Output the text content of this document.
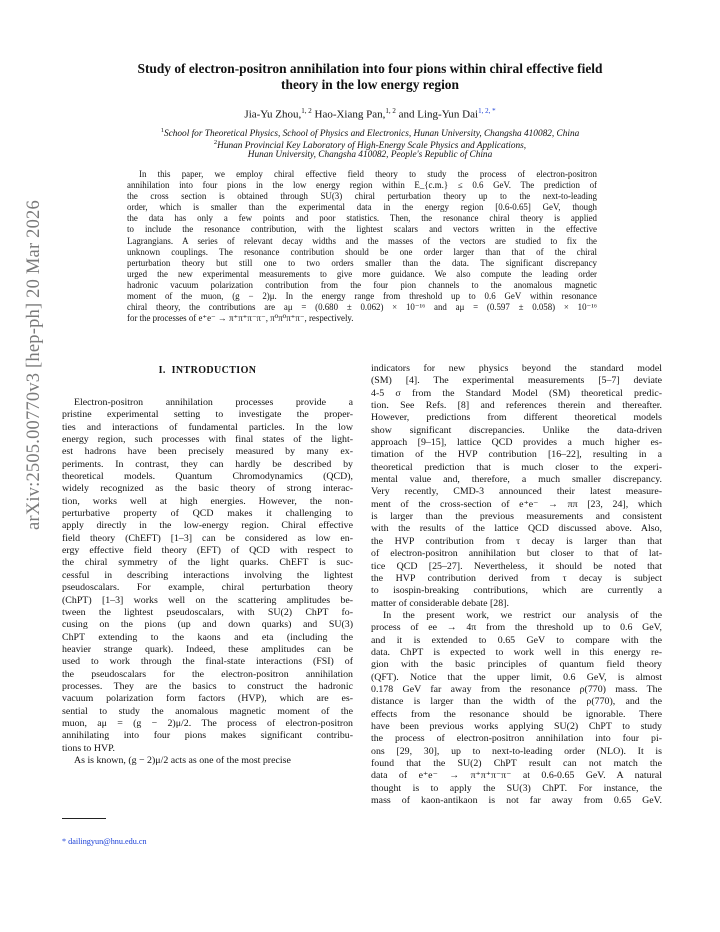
arXiv:2505.00770v3 [hep-ph] 20 Mar 2026
Study of electron-positron annihilation into four pions within chiral effective field
theory in the low energy region
Jia-Yu Zhou,$^{1, 2}$ Hao-Xiang Pan,$^{1, 2}$ and Ling-Yun Dai$^{1, 2, *}$
$^1$School for Theoretical Physics, School of Physics and Electronics, Hunan University, Changsha 410082, China
$^2$Hunan Provincial Key Laboratory of High-Energy Scale Physics and Applications,
Hunan University, Changsha 410082, People's Republic of China
In this paper, we employ chiral effective field theory to study the process of electron-positron
annihilation into four pions in the low energy region within E_{c.m.} ≤ 0.6 GeV. The prediction of
the cross section is obtained through SU(3) chiral perturbation theory up to the next-to-leading
order, which is smaller than the experimental data in the energy region [0.6-0.65] GeV, though
the data has only a few points and poor statistics. Then, the resonance chiral theory is applied
to include the resonance contribution, with the lightest scalars and vectors written in the effective
Lagrangians. A series of relevant decay widths and the masses of the vectors are studied to fix the
unknown couplings. The resonance contribution should be one order larger than that of the chiral
perturbation theory but still one to two orders smaller than the data. The significant discrepancy
urged the new experimental measurements to give more guidance. We also compute the leading order
hadronic vacuum polarization contribution from the four pion channels to the anomalous magnetic
moment of the muon, (g − 2)μ. In the energy range from threshold up to 0.6 GeV within resonance
chiral theory, the contributions are aμ = (0.680 ± 0.062) × 10⁻¹⁶ and aμ = (0.597 ± 0.058) × 10⁻¹⁶
for the processes of e⁺e⁻ → π⁺π⁺π⁻π⁻, π⁰π⁰π⁺π⁻, respectively.
I. INTRODUCTION
Electron-positron annihilation processes provide a
pristine experimental setting to investigate the proper-
ties and interactions of fundamental particles. In the low
energy region, such processes with final states of the light-
est hadrons have been precisely measured by many ex-
periments. In contrast, they can hardly be described by
theoretical models. Quantum Chromodynamics (QCD),
widely recognized as the basic theory of strong interac-
tion, works well at high energies. However, the non-
perturbative property of QCD makes it challenging to
apply directly in the low-energy region. Chiral effective
field theory (ChEFT) [1–3] can be considered as low en-
ergy effective field theory (EFT) of QCD with respect to
the chiral symmetry of the light quarks. ChEFT is suc-
cessful in describing interactions involving the lightest
pseudoscalars. For example, chiral perturbation theory
(ChPT) [1–3] works well on the scattering amplitudes be-
tween the lightest pseudoscalars, with SU(2) ChPT fo-
cusing on the pions (up and down quarks) and SU(3)
ChPT extending to the kaons and eta (including the
heavier strange quark). Indeed, these amplitudes can be
used to work through the final-state interactions (FSI) of
the pseudoscalars for the electron-positron annihilation
processes. They are the basics to construct the hadronic
vacuum polarization form factors (HVP), which are es-
sential to study the anomalous magnetic moment of the
muon, aμ = (g − 2)μ/2. The process of electron-positron
annihilating into four pions makes significant contribu-
tions to HVP.
As is known, (g − 2)μ/2 acts as one of the most precise
indicators for new physics beyond the standard model
(SM) [4]. The experimental measurements [5–7] deviate
4-5 σ from the Standard Model (SM) theoretical predic-
tion. See Refs. [8] and references therein and thereafter.
However, predictions from different theoretical models
show significant discrepancies. Unlike the data-driven
approach [9–15], lattice QCD provides a much higher es-
timation of the HVP contribution [16–22], resulting in a
theoretical prediction that is much closer to the experi-
mental value and, therefore, a much smaller discrepancy.
Very recently, CMD-3 announced their latest measure-
ment of the cross-section of e⁺e⁻ → ππ [23, 24], which
is larger than the previous measurements and consistent
with the results of the lattice QCD discussed above. Also,
the HVP contribution from τ decay is larger than that
of electron-positron annihilation but closer to that of lat-
tice QCD [25–27]. Nevertheless, it should be noted that
the HVP contribution derived from τ decay is subject
to isospin-breaking contributions, which are currently a
matter of considerable debate [28].
In the present work, we restrict our analysis of the
process of ee → 4π from the threshold up to 0.6 GeV,
and it is extended to 0.65 GeV to compare with the
data. ChPT is expected to work well in this energy re-
gion with the basic principles of quantum field theory
(QFT). Notice that the upper limit, 0.6 GeV, is almost
0.178 GeV far away from the resonance ρ(770) mass. The
distance is larger than the width of the ρ(770), and the
effects from the resonance should be ignorable. There
have been previous works applying SU(2) ChPT to study
the process of electron-positron annihilation into four pi-
ons [29, 30], up to next-to-leading order (NLO). It is
found that the SU(2) ChPT result can not match the
data of e⁺e⁻ → π⁺π⁺π⁻π⁻ at 0.6-0.65 GeV. A natural
thought is to apply the SU(3) ChPT. For instance, the
mass of kaon-antikaon is not far away from 0.65 GeV.
* dailingyun@hnu.edu.cn
